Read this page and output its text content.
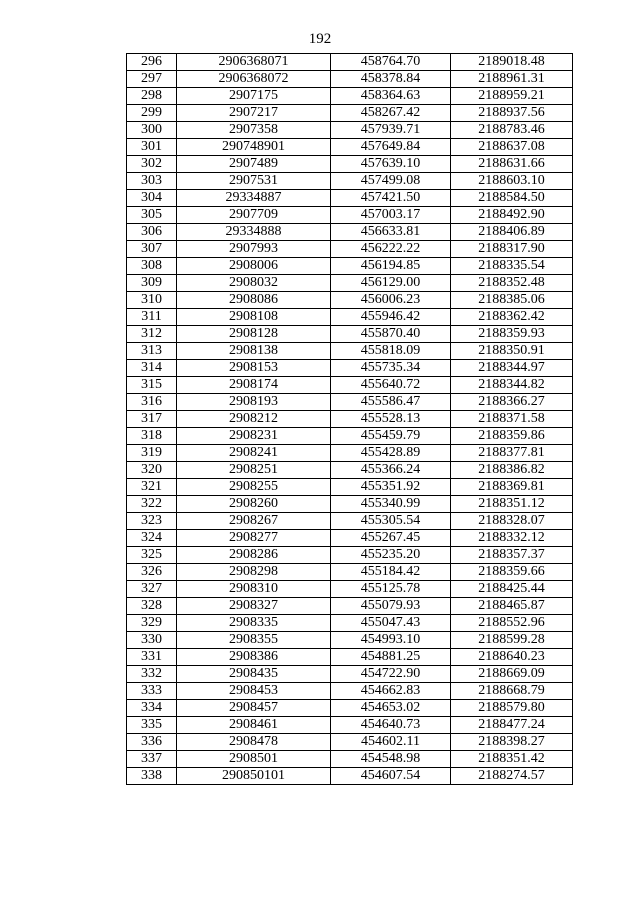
192
296	2906368071	458764.70	2189018.48
297	2906368072	458378.84	2188961.31
298	2907175	458364.63	2188959.21
299	2907217	458267.42	2188937.56
300	2907358	457939.71	2188783.46
301	290748901	457649.84	2188637.08
302	2907489	457639.10	2188631.66
303	2907531	457499.08	2188603.10
304	29334887	457421.50	2188584.50
305	2907709	457003.17	2188492.90
306	29334888	456633.81	2188406.89
307	2907993	456222.22	2188317.90
308	2908006	456194.85	2188335.54
309	2908032	456129.00	2188352.48
310	2908086	456006.23	2188385.06
311	2908108	455946.42	2188362.42
312	2908128	455870.40	2188359.93
313	2908138	455818.09	2188350.91
314	2908153	455735.34	2188344.97
315	2908174	455640.72	2188344.82
316	2908193	455586.47	2188366.27
317	2908212	455528.13	2188371.58
318	2908231	455459.79	2188359.86
319	2908241	455428.89	2188377.81
320	2908251	455366.24	2188386.82
321	2908255	455351.92	2188369.81
322	2908260	455340.99	2188351.12
323	2908267	455305.54	2188328.07
324	2908277	455267.45	2188332.12
325	2908286	455235.20	2188357.37
326	2908298	455184.42	2188359.66
327	2908310	455125.78	2188425.44
328	2908327	455079.93	2188465.87
329	2908335	455047.43	2188552.96
330	2908355	454993.10	2188599.28
331	2908386	454881.25	2188640.23
332	2908435	454722.90	2188669.09
333	2908453	454662.83	2188668.79
334	2908457	454653.02	2188579.80
335	2908461	454640.73	2188477.24
336	2908478	454602.11	2188398.27
337	2908501	454548.98	2188351.42
338	290850101	454607.54	2188274.57
